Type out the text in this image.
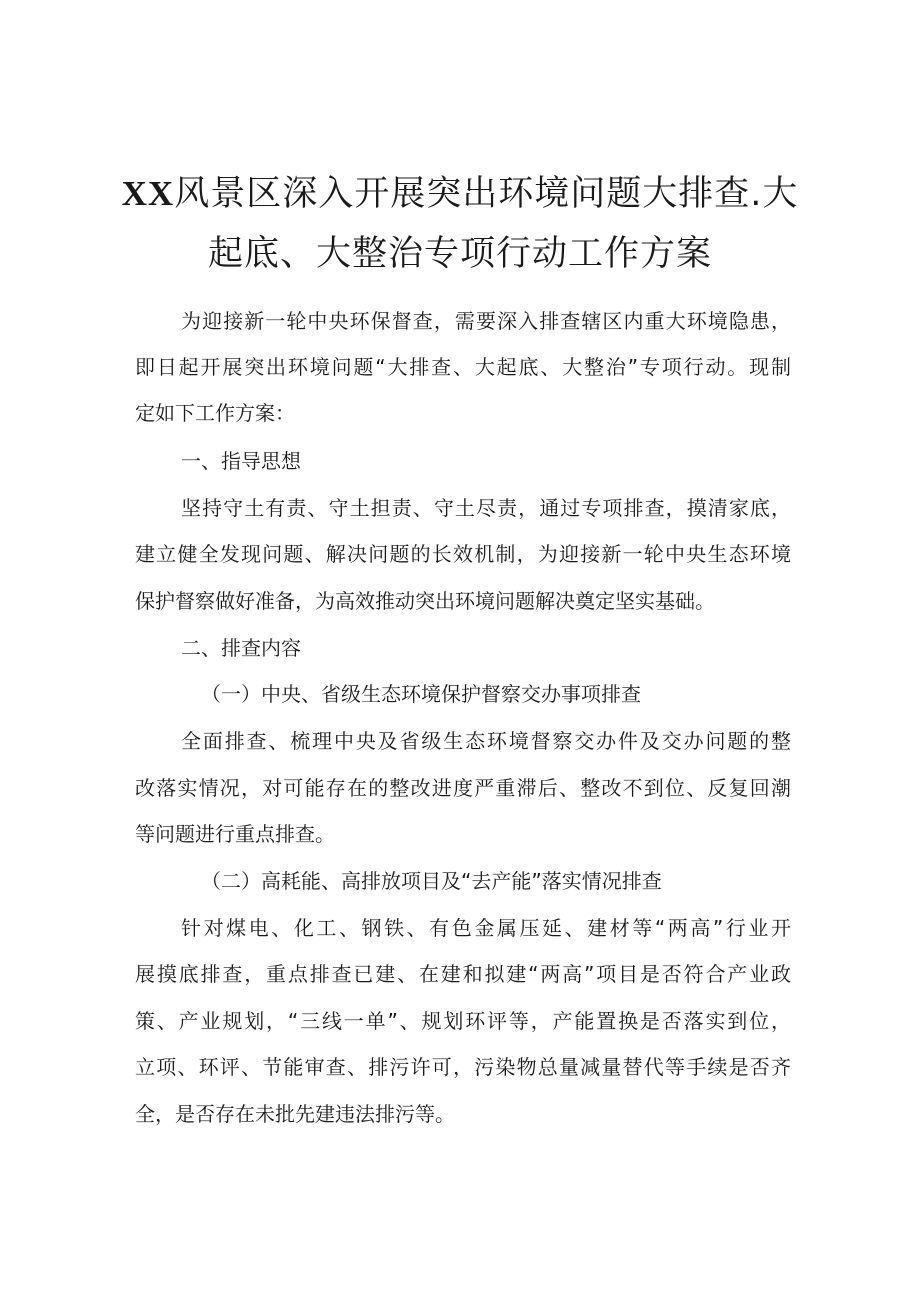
XX风景区深入开展突出环境问题大排查.大
起底、大整治专项行动工作方案

为迎接新一轮中央环保督查，需要深入排查辖区内重大环境隐患，

即日起开展突出环境问题“大排查、大起底、大整治”专项行动。现制

定如下工作方案：

一、指导思想

坚持守土有责、守土担责、守土尽责，通过专项排查，摸清家底，

建立健全发现问题、解决问题的长效机制，为迎接新一轮中央生态环境

保护督察做好准备，为高效推动突出环境问题解决奠定坚实基础。

二、排查内容

（一）中央、省级生态环境保护督察交办事项排查

全面排查、梳理中央及省级生态环境督察交办件及交办问题的整

改落实情况，对可能存在的整改进度严重滞后、整改不到位、反复回潮

等问题进行重点排查。

（二）高耗能、高排放项目及“去产能”落实情况排查

针对煤电、化工、钢铁、有色金属压延、建材等“两高”行业开

展摸底排查，重点排查已建、在建和拟建“两高”项目是否符合产业政

策、产业规划，“三线一单”、规划环评等，产能置换是否落实到位，

立项、环评、节能审查、排污许可，污染物总量减量替代等手续是否齐

全，是否存在未批先建违法排污等。
